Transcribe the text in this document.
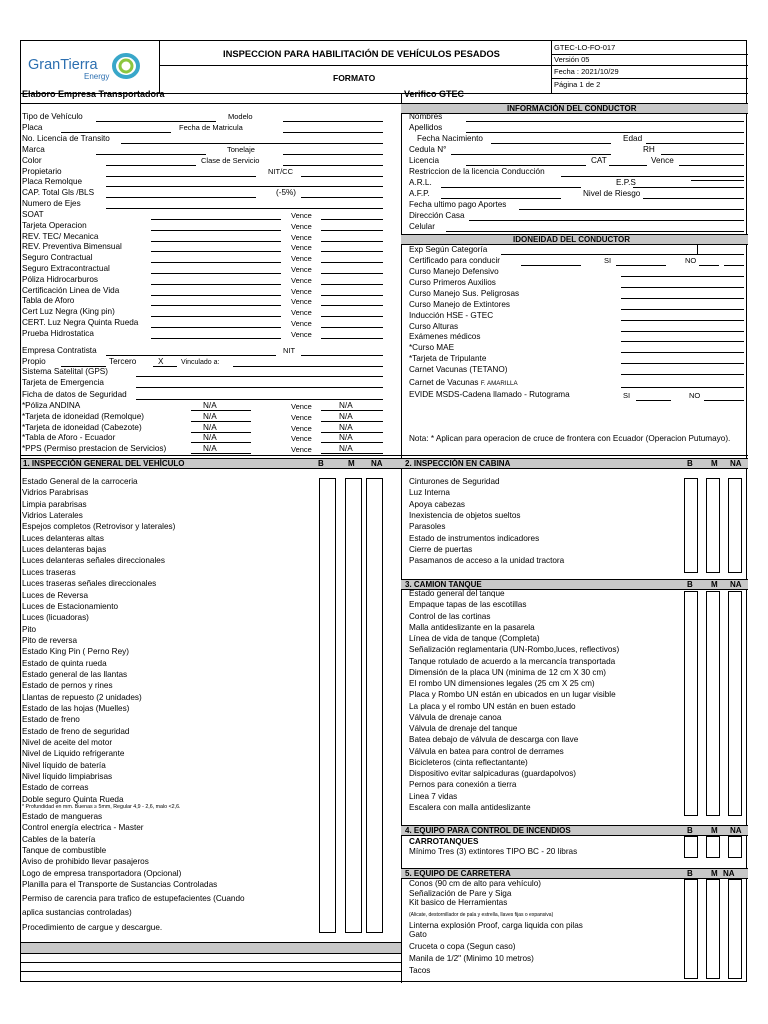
GranTierra
Energy
INSPECCION PARA HABILITACIÓN DE VEHÍCULOS PESADOS
FORMATO
GTEC-LO-FO-017
Versión 05
Fecha : 2021/10/29
Página 1 de 2
Elaboro Empresa Transportadora	Verifico GTEC
Tipo de Vehículo	Modelo
Placa	Fecha de Matricula
No. Licencia de Transito
Marca	Tonelaje
Color	Clase de Servicio
Propietario	NIT/CC
Placa Remolque
CAP. Total Gls /BLS	(-5%)
Numero de Ejes
SOAT	Vence
Tarjeta Operacion	Vence
REV. TEC/ Mecanica	Vence
REV. Preventiva Bimensual	Vence
Seguro Contractual	Vence
Seguro Extracontractual	Vence
Póliza Hidrocarburos	Vence
Certificación Linea de Vida	Vence
Tabla de Aforo	Vence
Cert Luz Negra (King pin)	Vence
CERT. Luz Negra Quinta Rueda	Vence
Prueba Hidrostatica	Vence
Empresa Contratista	NIT
Propio	Tercero	X	Vinculado a:
Sistema Satelital (GPS)
Tarjeta de Emergencia
Ficha de datos de Seguridad
*Póliza ANDINA	N/A	Vence	N/A
*Tarjeta de idoneidad (Remolque)	N/A	Vence	N/A
*Tarjeta de idoneidad (Cabezote)	N/A	Vence	N/A
*Tabla de Aforo - Ecuador	N/A	Vence	N/A
*PPS (Permiso prestacion de Servicios)	N/A	Vence	N/A
INFORMACIÓN DEL CONDUCTOR
Nombres
Apellidos
Fecha Nacimiento	Edad
Cedula N°	RH
Licencia	CAT	Vence
Restriccion de la licencia Conducción
A.R.L.	E.P.S
A.F.P.	Nivel de Riesgo
Fecha ultimo pago Aportes
Dirección Casa
Celular
IDONEIDAD DEL CONDUCTOR
Exp Según Categoría
Certificado para conducir	SI	NO
Curso Manejo Defensivo
Curso Primeros Auxilios
Curso Manejo Sus. Peligrosas
Curso Manejo de Extintores
Inducción HSE - GTEC
Curso Alturas
Exámenes médicos
*Curso MAE
*Tarjeta de Tripulante
Carnet Vacunas (TETANO)
Carnet de Vacunas F. AMARILLA
EVIDE MSDS-Cadena llamado - Rutograma	SI	NO
Nota: * Aplican para operacion de cruce de frontera con Ecuador (Operacion Putumayo).
1. INSPECCIÓN GENERAL DEL VEHÍCULO	B	M NA
Estado General de la carroceria
Vidrios Parabrisas
Limpia parabrisas
Vidrios Laterales
Espejos completos (Retrovisor y laterales)
Luces delanteras altas
Luces delanteras bajas
Luces delanteras señales direccionales
Luces traseras
Luces traseras señales direccionales
Luces de Reversa
Luces de Estacionamiento
Luces (licuadoras)
Pito
Pito de reversa
Estado King Pin ( Perno Rey)
Estado de quinta rueda
Estado general de las llantas
Estado de pernos y rines
Llantas de repuesto (2 unidades)
Estado de las hojas (Muelles)
Estado de freno
Estado de freno de seguridad
Nivel de aceite del motor
Nivel de Liquido refrigerante
Nivel líquido de batería
Nivel líquido limpiabrisas
Estado de correas
Doble seguro Quinta Rueda
* Profundidad en mm. Buenas ≥ 5mm, Regular 4,9 - 2,6, malo <2,6.
Estado de mangueras
Control energía electrica - Master
Cables de la batería
Tanque de combustible
Aviso de prohibido llevar pasajeros
Logo de empresa transportadora (Opcional)
Planilla para el Transporte de Sustancias Controladas
Permiso de carencia para trafico de estupefacientes (Cuando
aplica sustancias controladas)
Procedimiento de cargue y descargue.
2. INSPECCIÓN EN CABINA	B M NA
Cinturones de Seguridad
Luz Interna
Apoya cabezas
Inexistencia de objetos sueltos
Parasoles
Estado de instrumentos indicadores
Cierre de puertas
Pasamanos de acceso a la unidad tractora
3. CAMION TANQUE	B M NA
Estado general del tanque
Empaque tapas de las escotillas
Control de las cortinas
Malla antideslizante en la pasarela
Línea de vida de tanque (Completa)
Señalización reglamentaria (UN-Rombo,luces, reflectivos)
Tanque rotulado de acuerdo a la mercancía transportada
Dimensión de la placa UN (minima de 12 cm X 30 cm)
El rombo UN dimensiones legales (25 cm X 25 cm)
Placa y Rombo UN están en ubicados en un lugar visible
La placa y el rombo UN están en buen estado
Válvula de drenaje canoa
Válvula de drenaje del tanque
Batea debajo de válvula de descarga con llave
Válvula en batea para control de derrames
Bicicleteros (cinta reflectantante)
Dispositivo evitar salpicaduras (guardapolvos)
Pernos para conexión a tierra
Linea 7 vidas
Escalera con malla antideslizante
4. EQUIPO PARA CONTROL DE INCENDIOS	B M NA
CARROTANQUES
Mínimo Tres (3) extintores TIPO BC - 20 libras
5. EQUIPO DE CARRETERA	B M NA
Conos (90 cm de alto para vehículo)
Señalización de Pare y Siga
Kit basico de Herramientas
(Alicate, destornillador de pala y estrella, llaves fijas o expansiva)
Linterna explosión Proof, carga liquida con pilas
Gato
Cruceta o copa (Segun caso)
Manila de 1/2" (Minimo 10 metros)
Tacos
